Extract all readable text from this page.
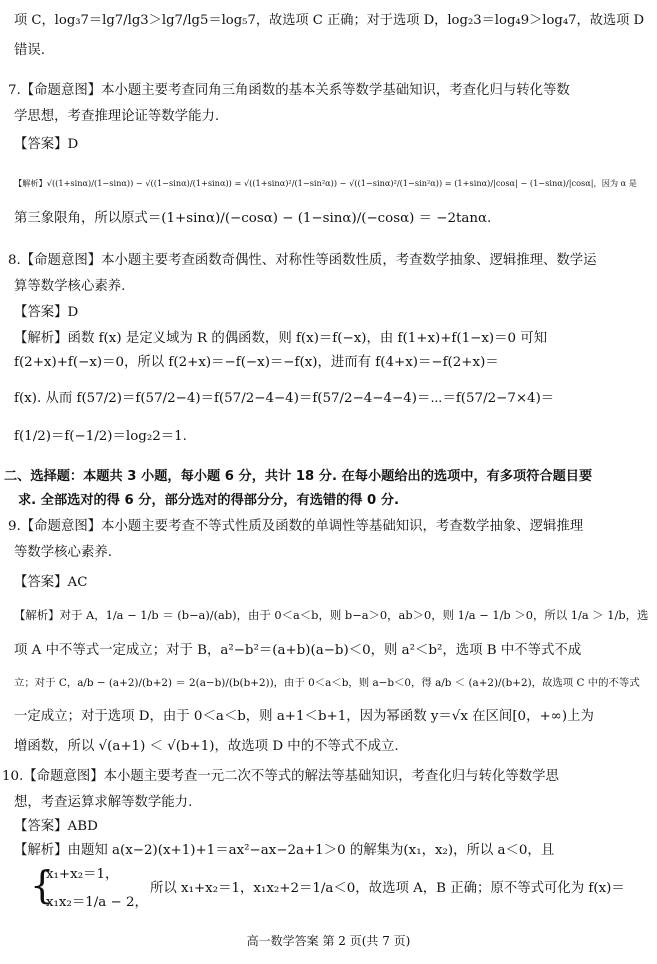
项 C，log₃7＝lg7/lg3＞lg7/lg5＝log₅7，故选项 C 正确；对于选项 D，log₂3＝log₄9＞log₄7，故选项 D
错误.
7.【命题意图】本小题主要考查同角三角函数的基本关系等数学基础知识，考查化归与转化等数
学思想，考查推理论证等数学能力.
【答案】D
【解析】√((1+sinα)/(1−sinα)) − √((1−sinα)/(1+sinα)) = √((1+sinα)²/(1−sin²α)) − √((1−sinα)²/(1−sin²α)) = (1+sinα)/|cosα| − (1−sinα)/|cosα|，因为 α 是
第三象限角，所以原式＝(1+sinα)/(−cosα) − (1−sinα)/(−cosα) ＝ −2tanα.
8.【命题意图】本小题主要考查函数奇偶性、对称性等函数性质，考查数学抽象、逻辑推理、数学运
算等数学核心素养.
【答案】D
【解析】函数 f(x) 是定义域为 R 的偶函数，则 f(x)＝f(−x)，由 f(1+x)+f(1−x)＝0 可知
f(2+x)+f(−x)＝0，所以 f(2+x)＝−f(−x)＝−f(x)，进而有 f(4+x)＝−f(2+x)＝
f(x). 从而 f(57/2)＝f(57/2−4)＝f(57/2−4−4)＝f(57/2−4−4−4)＝⋯＝f(57/2−7×4)＝
f(1/2)＝f(−1/2)＝log₂2＝1.
二、选择题：本题共 3 小题，每小题 6 分，共计 18 分. 在每小题给出的选项中，有多项符合题目要
求. 全部选对的得 6 分，部分选对的得部分分，有选错的得 0 分.
9.【命题意图】本小题主要考查不等式性质及函数的单调性等基础知识，考查数学抽象、逻辑推理
等数学核心素养.
【答案】AC
【解析】对于 A，1/a − 1/b ＝ (b−a)/(ab)，由于 0＜a＜b，则 b−a＞0，ab＞0，则 1/a − 1/b ＞0，所以 1/a ＞ 1/b，选
项 A 中不等式一定成立；对于 B，a²−b²＝(a+b)(a−b)＜0，则 a²＜b²，选项 B 中不等式不成
立；对于 C，a/b − (a+2)/(b+2) ＝ 2(a−b)/(b(b+2))，由于 0＜a＜b，则 a−b＜0，得 a/b ＜ (a+2)/(b+2)，故选项 C 中的不等式
一定成立；对于选项 D，由于 0＜a＜b，则 a+1＜b+1，因为幂函数 y＝√x 在区间[0，+∞)上为
增函数，所以 √(a+1) ＜ √(b+1)，故选项 D 中的不等式不成立.
10.【命题意图】本小题主要考查一元二次不等式的解法等基础知识，考查化归与转化等数学思
想，考查运算求解等数学能力.
【答案】ABD
【解析】由题知 a(x−2)(x+1)+1＝ax²−ax−2a+1＞0 的解集为(x₁，x₂)，所以 a＜0，且
{
x₁+x₂＝1，
x₁x₂＝1/a − 2，
所以 x₁+x₂＝1，x₁x₂+2＝1/a＜0，故选项 A，B 正确；原不等式可化为 f(x)＝
高一数学答案 第 2 页(共 7 页)
